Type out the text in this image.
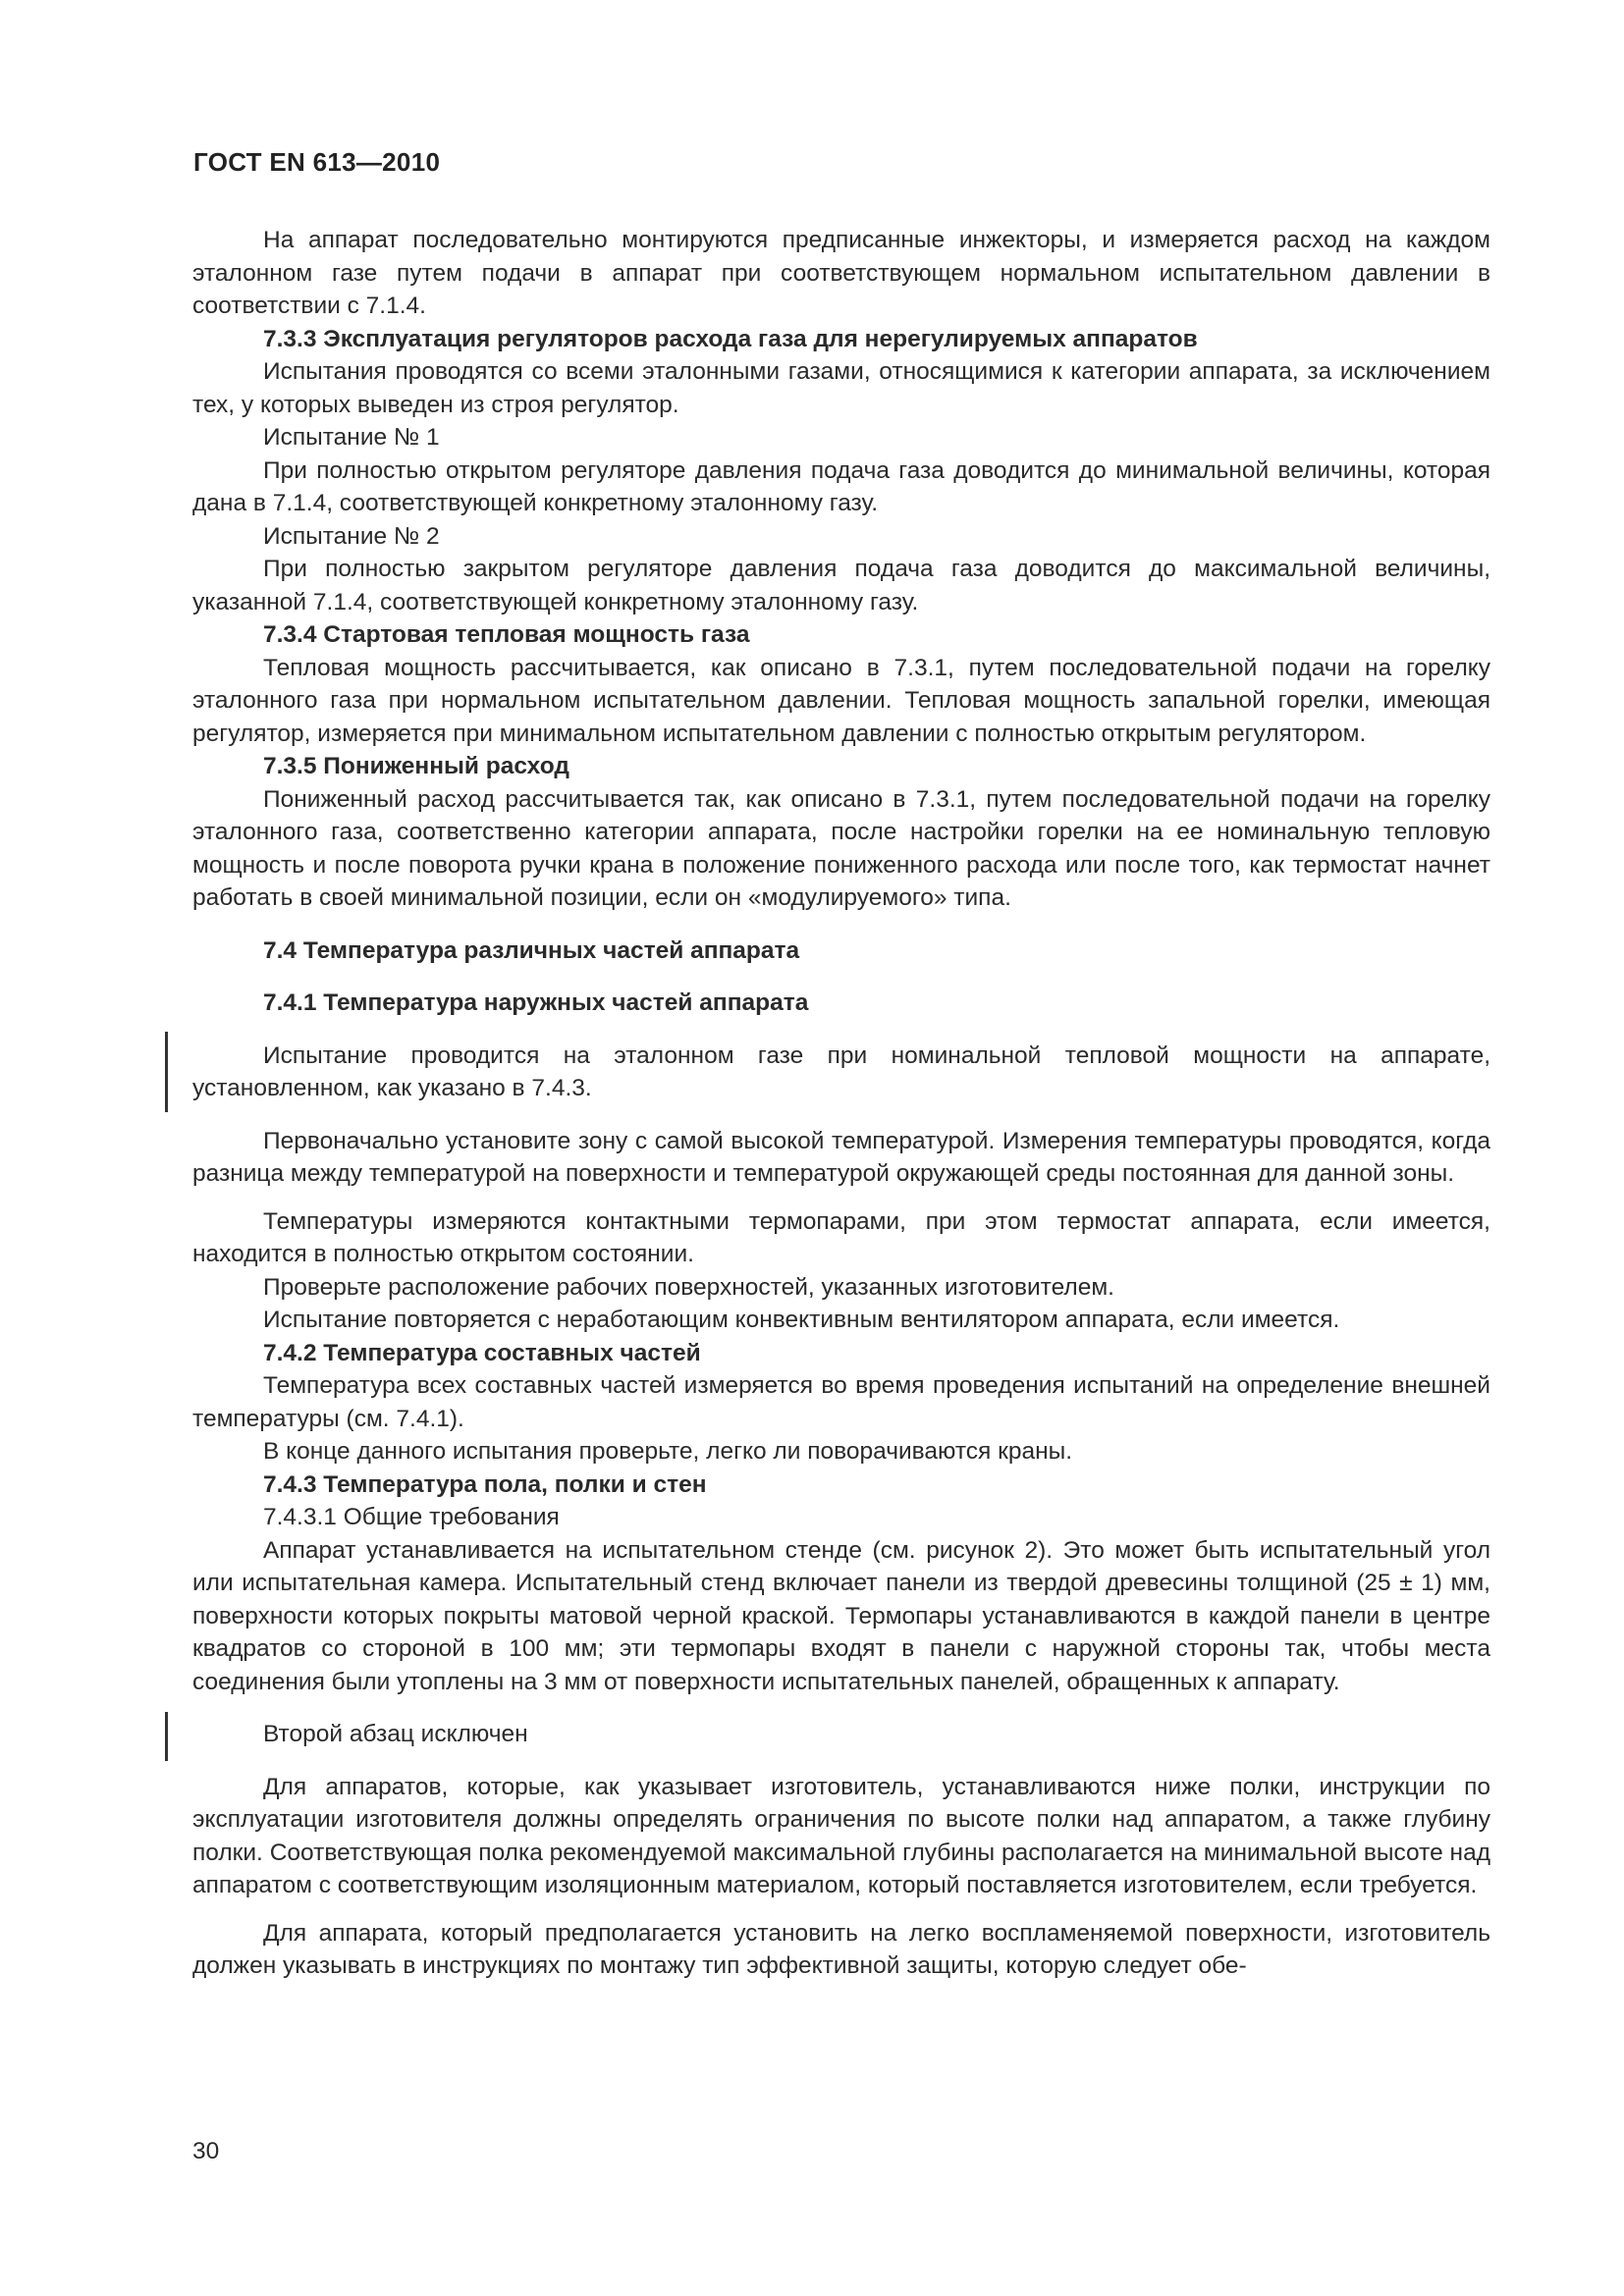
ГОСТ EN 613—2010

На аппарат последовательно монтируются предписанные инжекторы, и измеряется расход на каждом эталонном газе путем подачи в аппарат при соответствующем нормальном испытательном давлении в соответствии с 7.1.4.

7.3.3 Эксплуатация регуляторов расхода газа для нерегулируемых аппаратов

Испытания проводятся со всеми эталонными газами, относящимися к категории аппарата, за исключением тех, у которых выведен из строя регулятор.

Испытание № 1

При полностью открытом регуляторе давления подача газа доводится до минимальной величины, которая дана в 7.1.4, соответствующей конкретному эталонному газу.

Испытание № 2

При полностью закрытом регуляторе давления подача газа доводится до максимальной величины, указанной 7.1.4, соответствующей конкретному эталонному газу.

7.3.4 Стартовая тепловая мощность газа

Тепловая мощность рассчитывается, как описано в 7.3.1, путем последовательной подачи на горелку эталонного газа при нормальном испытательном давлении. Тепловая мощность запальной горелки, имеющая регулятор, измеряется при минимальном испытательном давлении с полностью открытым регулятором.

7.3.5 Пониженный расход

Пониженный расход рассчитывается так, как описано в 7.3.1, путем последовательной подачи на горелку эталонного газа, соответственно категории аппарата, после настройки горелки на ее номинальную тепловую мощность и после поворота ручки крана в положение пониженного расхода или после того, как термостат начнет работать в своей минимальной позиции, если он «модулируемого» типа.

7.4 Температура различных частей аппарата

7.4.1 Температура наружных частей аппарата

Испытание проводится на эталонном газе при номинальной тепловой мощности на аппарате, установленном, как указано в 7.4.3.

Первоначально установите зону с самой высокой температурой. Измерения температуры проводятся, когда разница между температурой на поверхности и температурой окружающей среды постоянная для данной зоны.

Температуры измеряются контактными термопарами, при этом термостат аппарата, если имеется, находится в полностью открытом состоянии.

Проверьте расположение рабочих поверхностей, указанных изготовителем.

Испытание повторяется с неработающим конвективным вентилятором аппарата, если имеется.

7.4.2 Температура составных частей

Температура всех составных частей измеряется во время проведения испытаний на определение внешней температуры (см. 7.4.1).

В конце данного испытания проверьте, легко ли поворачиваются краны.

7.4.3 Температура пола, полки и стен

7.4.3.1 Общие требования

Аппарат устанавливается на испытательном стенде (см. рисунок 2). Это может быть испытательный угол или испытательная камера. Испытательный стенд включает панели из твердой древесины толщиной (25 ± 1) мм, поверхности которых покрыты матовой черной краской. Термопары устанавливаются в каждой панели в центре квадратов со стороной в 100 мм; эти термопары входят в панели с наружной стороны так, чтобы места соединения были утоплены на 3 мм от поверхности испытательных панелей, обращенных к аппарату.

Второй абзац исключен

Для аппаратов, которые, как указывает изготовитель, устанавливаются ниже полки, инструкции по эксплуатации изготовителя должны определять ограничения по высоте полки над аппаратом, а также глубину полки. Соответствующая полка рекомендуемой максимальной глубины располагается на минимальной высоте над аппаратом с соответствующим изоляционным материалом, который поставляется изготовителем, если требуется.

Для аппарата, который предполагается установить на легко воспламеняемой поверхности, изготовитель должен указывать в инструкциях по монтажу тип эффективной защиты, которую следует обе-

30
